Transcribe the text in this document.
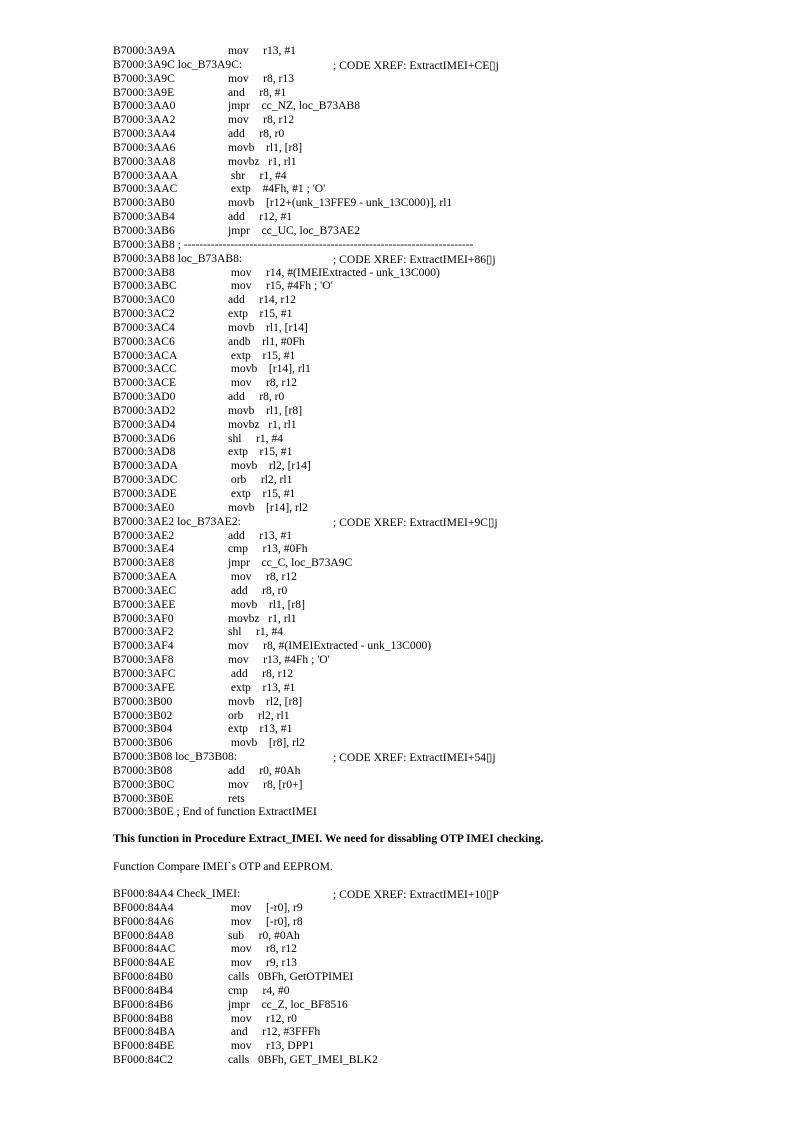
B7000:3A9A	mov     r13, #1
B7000:3A9C loc_B73A9C:	; CODE XREF: ExtractIMEI+CE▯j
B7000:3A9C	mov     r8, r13
B7000:3A9E	and     r8, #1
B7000:3AA0	jmpr    cc_NZ, loc_B73AB8
B7000:3AA2	mov     r8, r12
B7000:3AA4	add     r8, r0
B7000:3AA6	movb    rl1, [r8]
B7000:3AA8	movbz   r1, rl1
B7000:3AAA	shr     r1, #4
B7000:3AAC	extp    #4Fh, #1 ; 'O'
B7000:3AB0	movb    [r12+(unk_13FFE9 - unk_13C000)], rl1
B7000:3AB4	add     r12, #1
B7000:3AB6	jmpr    cc_UC, loc_B73AE2
B7000:3AB8 ; ---------------------------------------------------------------------------
B7000:3AB8 loc_B73AB8:	; CODE XREF: ExtractIMEI+86▯j
B7000:3AB8	mov     r14, #(IMEIExtracted - unk_13C000)
B7000:3ABC	mov     r15, #4Fh ; 'O'
B7000:3AC0	add     r14, r12
B7000:3AC2	extp    r15, #1
B7000:3AC4	movb    rl1, [r14]
B7000:3AC6	andb    rl1, #0Fh
B7000:3ACA	extp    r15, #1
B7000:3ACC	movb    [r14], rl1
B7000:3ACE	mov     r8, r12
B7000:3AD0	add     r8, r0
B7000:3AD2	movb    rl1, [r8]
B7000:3AD4	movbz   r1, rl1
B7000:3AD6	shl     r1, #4
B7000:3AD8	extp    r15, #1
B7000:3ADA	movb    rl2, [r14]
B7000:3ADC	orb     rl2, rl1
B7000:3ADE	extp    r15, #1
B7000:3AE0	movb    [r14], rl2
B7000:3AE2 loc_B73AE2:	; CODE XREF: ExtractIMEI+9C▯j
B7000:3AE2	add     r13, #1
B7000:3AE4	cmp     r13, #0Fh
B7000:3AE8	jmpr    cc_C, loc_B73A9C
B7000:3AEA	mov     r8, r12
B7000:3AEC	add     r8, r0
B7000:3AEE	movb    rl1, [r8]
B7000:3AF0	movbz   r1, rl1
B7000:3AF2	shl     r1, #4
B7000:3AF4	mov     r8, #(IMEIExtracted - unk_13C000)
B7000:3AF8	mov     r13, #4Fh ; 'O'
B7000:3AFC	add     r8, r12
B7000:3AFE	extp    r13, #1
B7000:3B00	movb    rl2, [r8]
B7000:3B02	orb     rl2, rl1
B7000:3B04	extp    r13, #1
B7000:3B06	movb    [r8], rl2
B7000:3B08 loc_B73B08:	; CODE XREF: ExtractIMEI+54▯j
B7000:3B08	add     r0, #0Ah
B7000:3B0C	mov     r8, [r0+]
B7000:3B0E	rets
B7000:3B0E ; End of function ExtractIMEI
This function in Procedure Extract_IMEI. We need for dissabling OTP IMEI checking.
Function Compare IMEI`s OTP and EEPROM.
BF000:84A4 Check_IMEI:	; CODE XREF: ExtractIMEI+10▯P
BF000:84A4	mov     [-r0], r9
BF000:84A6	mov     [-r0], r8
BF000:84A8	sub     r0, #0Ah
BF000:84AC	mov     r8, r12
BF000:84AE	mov     r9, r13
BF000:84B0	calls   0BFh, GetOTPIMEI
BF000:84B4	cmp     r4, #0
BF000:84B6	jmpr    cc_Z, loc_BF8516
BF000:84B8	mov     r12, r0
BF000:84BA	and     r12, #3FFFh
BF000:84BE	mov     r13, DPP1
BF000:84C2	calls   0BFh, GET_IMEI_BLK2
